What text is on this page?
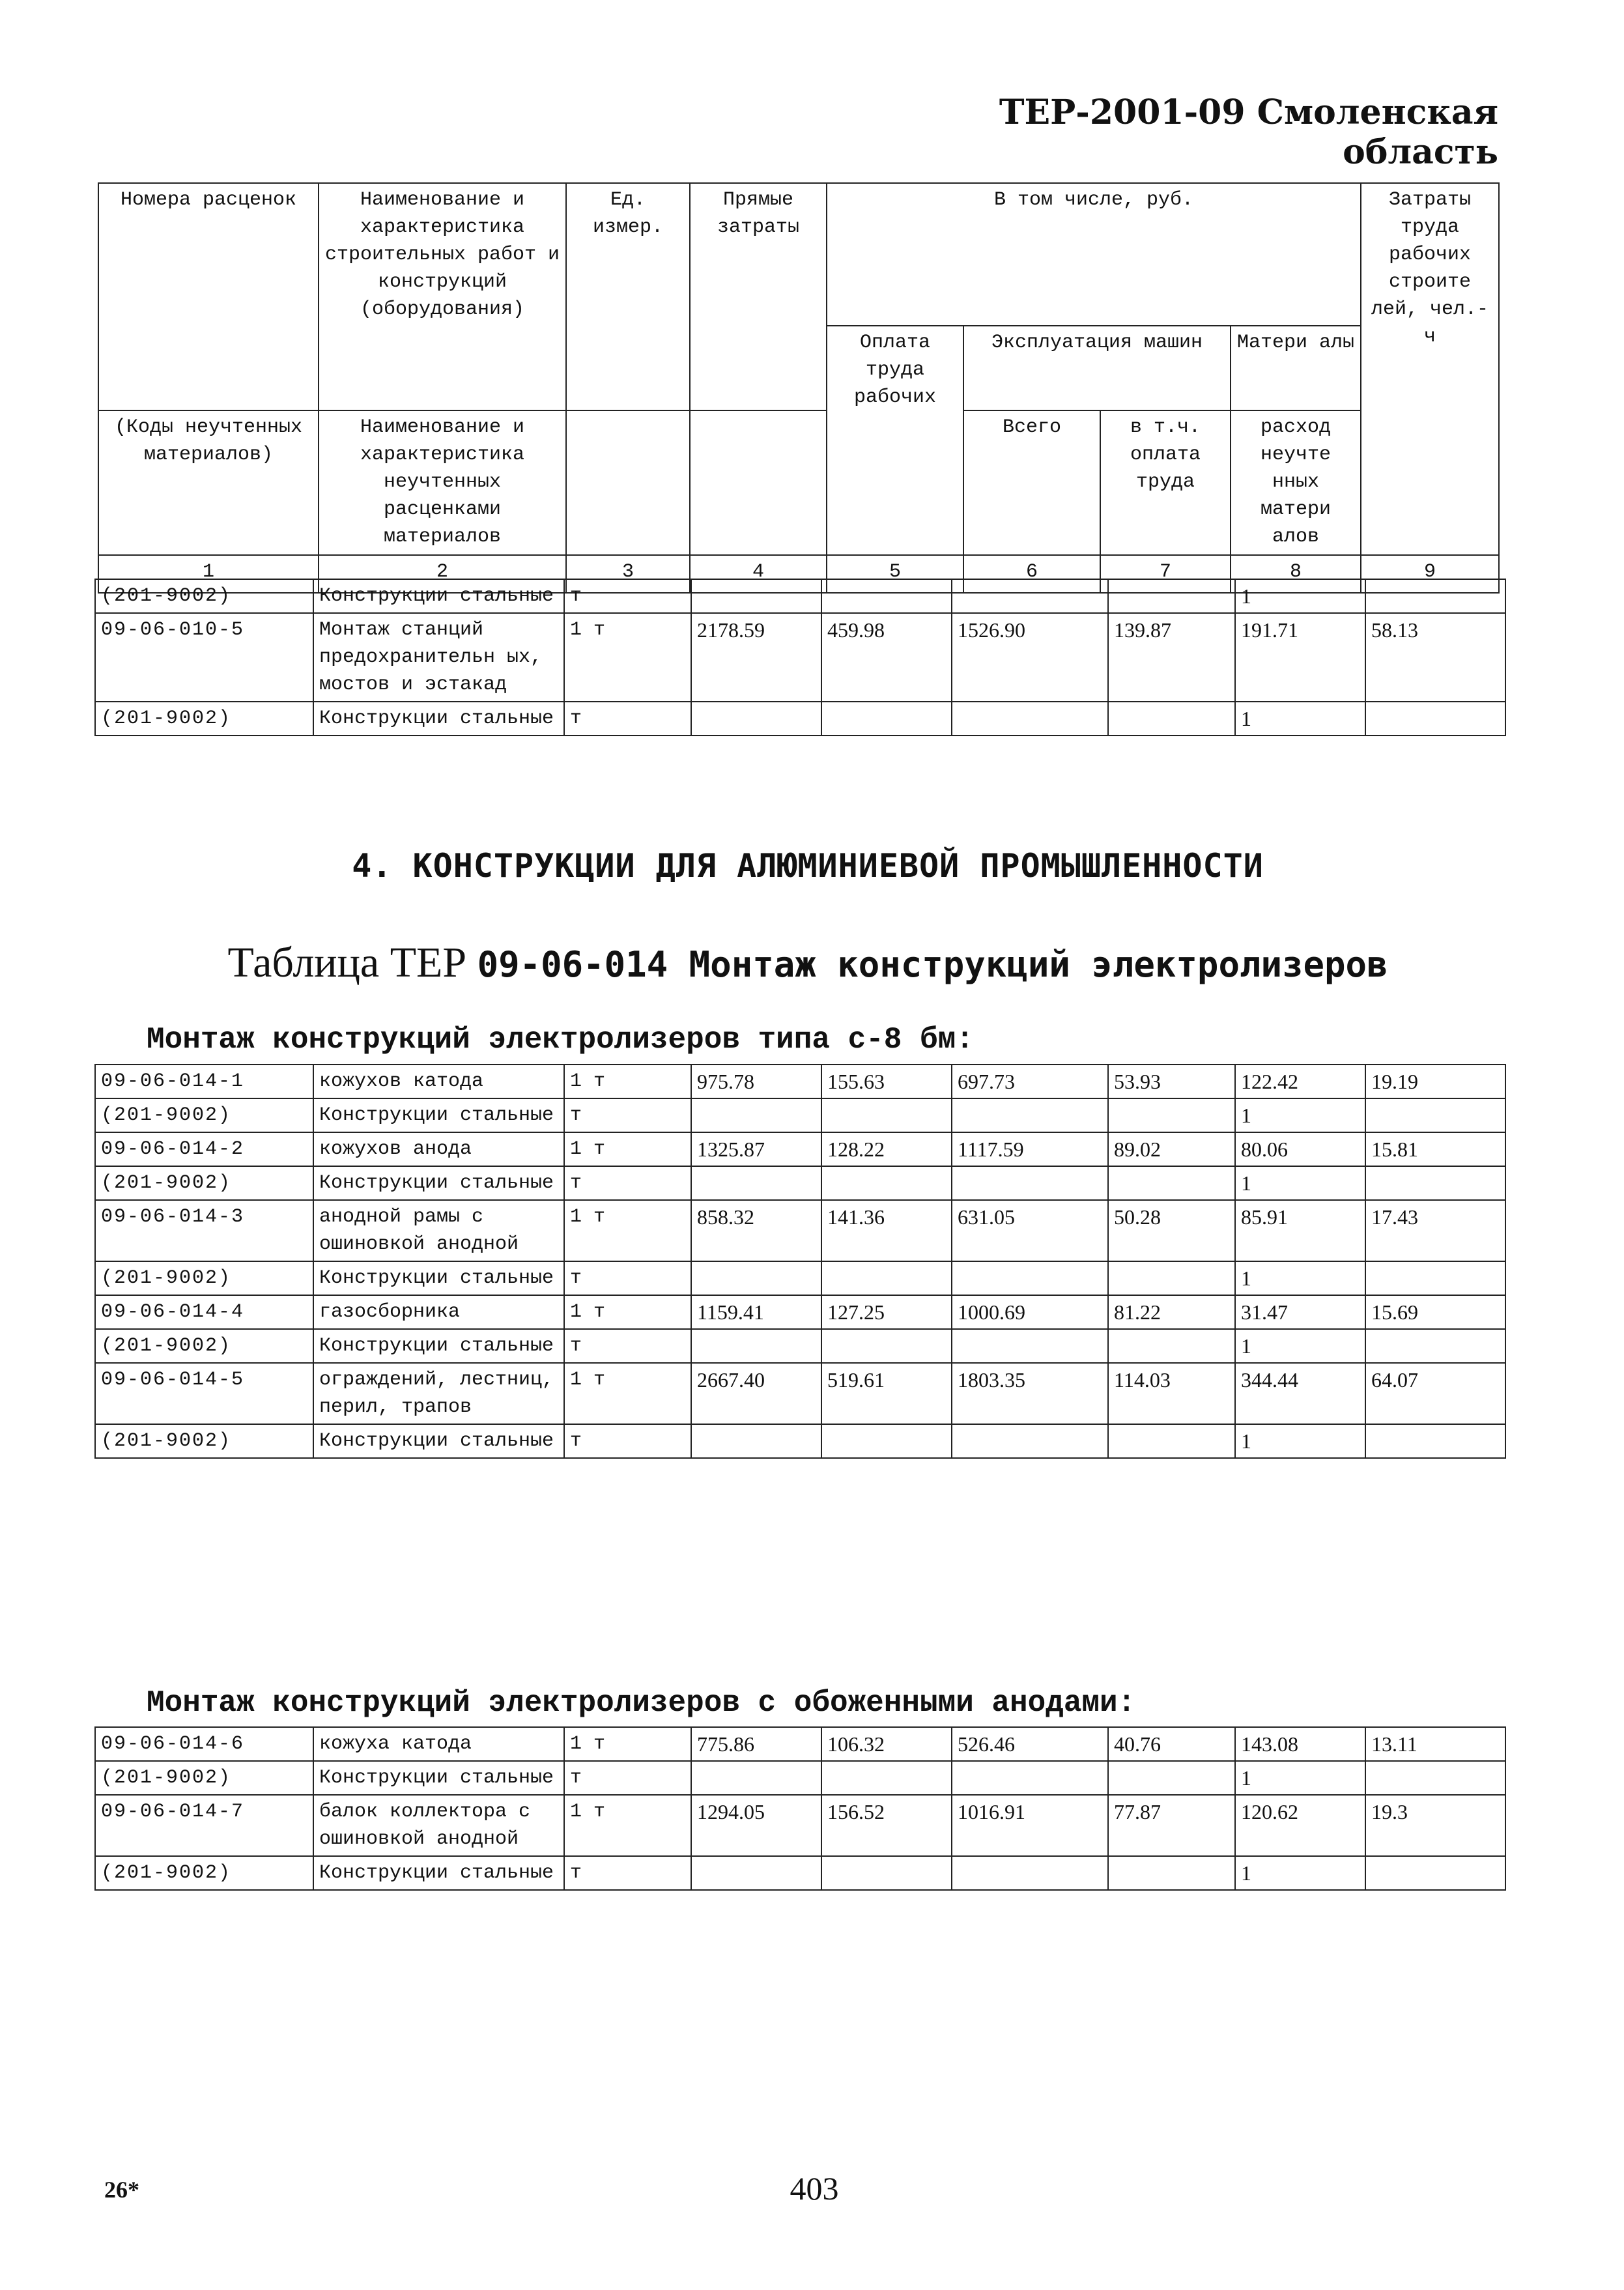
ТЕР-2001-09 Смоленская область
Номера расценок	Наименование и характеристика строительных работ и конструкций (оборудования)	Ед. измер.	Прямые затраты	В том числе, руб.				Затраты труда рабочих строите лей, чел.-ч
				Оплата труда рабочих	Эксплуатация машин		Матери алы	
(Коды неучтенных материалов)	Наименование и характеристика неучтенных расценками материалов				Всего	в т.ч. оплата труда	расход неучте нных матери алов	
1	2	3	4	5	6	7	8	9
(201-9002)	Конструкции стальные	т					1	
09-06-010-5	Монтаж станций предохранительн ых, мостов и эстакад	1 т	2178.59	459.98	1526.90	139.87	191.71	58.13
(201-9002)	Конструкции стальные	т					1	
4. КОНСТРУКЦИИ ДЛЯ АЛЮМИНИЕВОЙ ПРОМЫШЛЕННОСТИ
Таблица ТЕР 09-06-014 Монтаж конструкций электролизеров
Монтаж конструкций электролизеров типа с-8 бм:
09-06-014-1	кожухов катода	1 т	975.78	155.63	697.73	53.93	122.42	19.19
(201-9002)	Конструкции стальные	т					1	
09-06-014-2	кожухов анода	1 т	1325.87	128.22	1117.59	89.02	80.06	15.81
(201-9002)	Конструкции стальные	т					1	
09-06-014-3	анодной рамы с ошиновкой анодной	1 т	858.32	141.36	631.05	50.28	85.91	17.43
(201-9002)	Конструкции стальные	т					1	
09-06-014-4	газосборника	1 т	1159.41	127.25	1000.69	81.22	31.47	15.69
(201-9002)	Конструкции стальные	т					1	
09-06-014-5	ограждений, лестниц, перил, трапов	1 т	2667.40	519.61	1803.35	114.03	344.44	64.07
(201-9002)	Конструкции стальные	т					1	
Монтаж конструкций электролизеров с обоженными анодами:
09-06-014-6	кожуха катода	1 т	775.86	106.32	526.46	40.76	143.08	13.11
(201-9002)	Конструкции стальные	т					1	
09-06-014-7	балок коллектора с ошиновкой анодной	1 т	1294.05	156.52	1016.91	77.87	120.62	19.3
(201-9002)	Конструкции стальные	т					1	
26*	403
